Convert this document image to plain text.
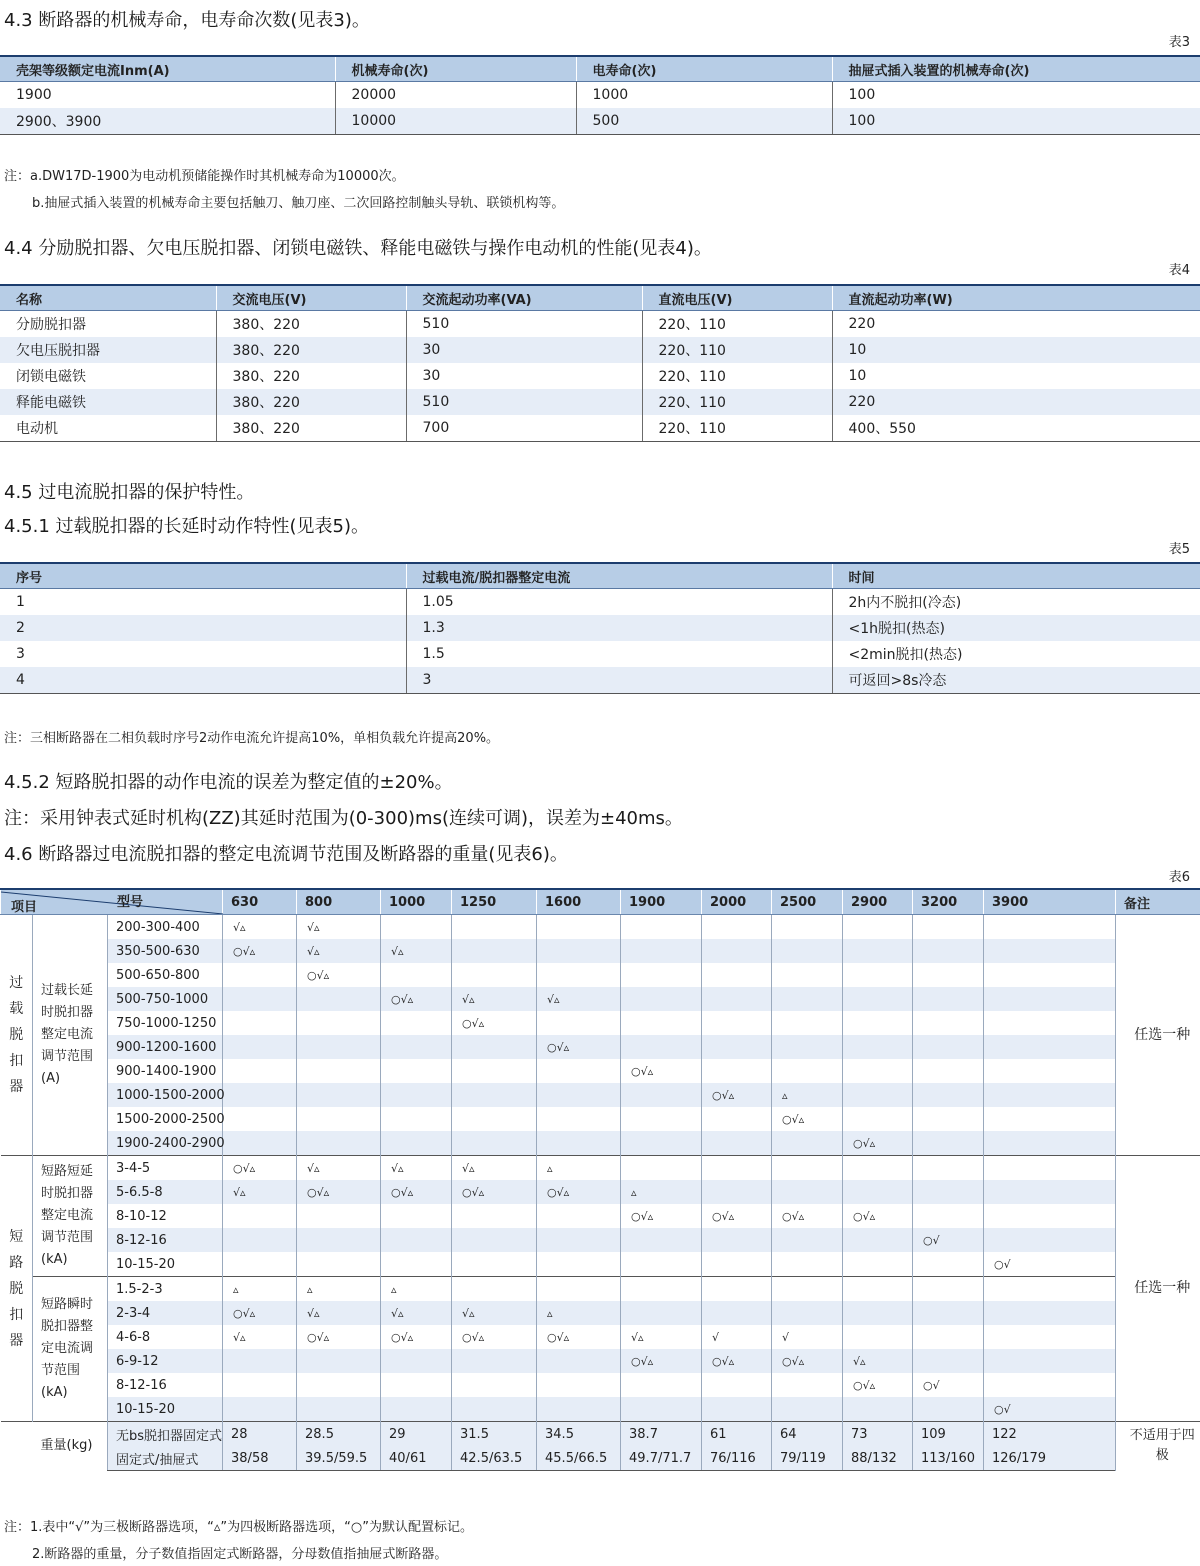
4.3 断路器的机械寿命，电寿命次数(见表3)。
表3
壳架等级额定电流Inm(A)	机械寿命(次)	电寿命(次)	抽屉式插入装置的机械寿命(次)
1900	20000	1000	100
2900、3900	10000	500	100
注：a.DW17D-1900为电动机预储能操作时其机械寿命为10000次。
b.抽屉式插入装置的机械寿命主要包括触刀、触刀座、二次回路控制触头导轨、联锁机构等。
4.4 分励脱扣器、欠电压脱扣器、闭锁电磁铁、释能电磁铁与操作电动机的性能(见表4)。
表4
名称	交流电压(V)	交流起动功率(VA)	直流电压(V)	直流起动功率(W)
分励脱扣器	380、220	510	220、110	220
欠电压脱扣器	380、220	30	220、110	10
闭锁电磁铁	380、220	30	220、110	10
释能电磁铁	380、220	510	220、110	220
电动机	380、220	700	220、110	400、550
4.5 过电流脱扣器的保护特性。
4.5.1 过载脱扣器的长延时动作特性(见表5)。
表5
序号	过载电流/脱扣器整定电流	时间
1	1.05	2h内不脱扣(冷态)
2	1.3	<1h脱扣(热态)
3	1.5	<2min脱扣(热态)
4	3	可返回>8s冷态
注：三相断路器在二相负载时序号2动作电流允许提高10%，单相负载允许提高20%。
4.5.2 短路脱扣器的动作电流的误差为整定值的±20%。
注：采用钟表式延时机构(ZZ)其延时范围为(0-300)ms(连续可调)，误差为±40ms。
4.6 断路器过电流脱扣器的整定电流调节范围及断路器的重量(见表6)。
表6
型号
项目			630	800	1000	1250	1600	1900	2000	2500	2900	3200	3900	备注
过载脱扣器	过载长延时脱扣器整定电流调节范围(A)	200-300-400	√▵	√▵										任选一种
		350-500-630	○√▵	√▵	√▵									
		500-650-800		○√▵										
		500-750-1000			○√▵	√▵	√▵							
		750-1000-1250				○√▵								
		900-1200-1600					○√▵							
		900-1400-1900						○√▵						
		1000-1500-2000							○√▵	▵				
		1500-2000-2500								○√▵				
		1900-2400-2900									○√▵			
短路脱扣器	短路短延时脱扣器整定电流调节范围(kA)	3-4-5	○√▵	√▵	√▵	√▵	▵							任选一种
		5-6.5-8	√▵	○√▵	○√▵	○√▵	○√▵	▵						
		8-10-12						○√▵	○√▵	○√▵	○√▵			
		8-12-16										○√		
		10-15-20											○√	
	短路瞬时脱扣器整定电流调节范围(kA)	1.5-2-3	▵	▵	▵									
		2-3-4	○√▵	√▵	√▵	√▵	▵							
		4-6-8	√▵	○√▵	○√▵	○√▵	○√▵	√▵	√	√				
		6-9-12						○√▵	○√▵	○√▵	√▵			
		8-12-16									○√▵	○√		
		10-15-20											○√	
重量(kg)		无bs脱扣器固定式	28	28.5	29	31.5	34.5	38.7	61	64	73	109	122	不适用于四极
		固定式/抽屉式	38/58	39.5/59.5	40/61	42.5/63.5	45.5/66.5	49.7/71.7	76/116	79/119	88/132	113/160	126/179	
注：1.表中“√”为三极断路器选项，“▵”为四极断路器选项，“○”为默认配置标记。
2.断路器的重量，分子数值指固定式断路器，分母数值指抽屉式断路器。
